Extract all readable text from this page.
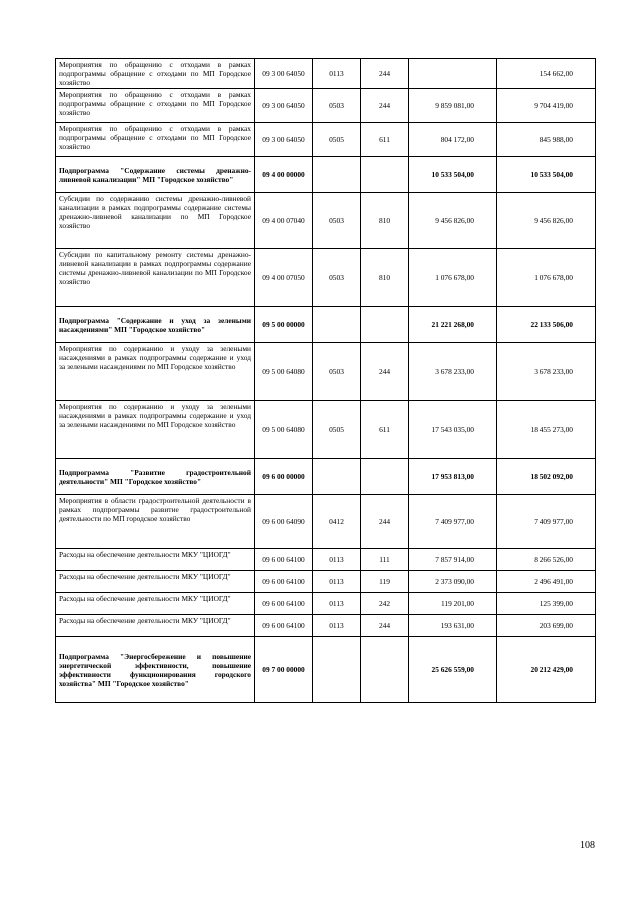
Мероприятия по обращению с отходами в рамках подпрограммы обращение с отходами по МП Городское хозяйство	09 3 00 64050	0113	244		154 662,00
Мероприятия по обращению с отходами в рамках подпрограммы обращение с отходами по МП Городское хозяйство	09 3 00 64050	0503	244	9 859 081,00	9 704 419,00
Мероприятия по обращению с отходами в рамках подпрограммы обращение с отходами по МП Городское хозяйство	09 3 00 64050	0505	611	804 172,00	845 988,00
Подпрограмма "Содержание системы дренажно-ливневой канализации" МП "Городское хозяйство"	09 4 00 00000			10 533 504,00	10 533 504,00
Субсидии по содержанию системы дренажно-ливневой канализации в рамках подпрограммы содержание системы дренажно-ливневой канализации по МП Городское хозяйство	09 4 00 07040	0503	810	9 456 826,00	9 456 826,00
Субсидии по капитальному ремонту системы дренажно-ливневой канализации в рамках подпрограммы содержание системы дренажно-ливневой канализации по МП Городское хозяйство	09 4 00 07050	0503	810	1 076 678,00	1 076 678,00
Подпрограмма "Содержание и уход за зелеными насаждениями" МП "Городское хозяйство"	09 5 00 00000			21 221 268,00	22 133 506,00
Мероприятия по содержанию и уходу за зелеными насаждениями в рамках подпрограммы содержание и уход за зелеными насаждениями по МП Городское хозяйство	09 5 00 64080	0503	244	3 678 233,00	3 678 233,00
Мероприятия по содержанию и уходу за зелеными насаждениями в рамках подпрограммы содержание и уход за зелеными насаждениями по МП Городское хозяйство	09 5 00 64080	0505	611	17 543 035,00	18 455 273,00
Подпрограмма "Развитие градостроительной деятельности" МП "Городское хозяйство"	09 6 00 00000			17 953 813,00	18 502 092,00
Мероприятия в области градостроительной деятельности в рамках подпрограммы развитие градостроительной деятельности по МП городское хозяйство	09 6 00 64090	0412	244	7 409 977,00	7 409 977,00
Расходы на обеспечение деятельности МКУ "ЦИОГД"	09 6 00 64100	0113	111	7 857 914,00	8 266 526,00
Расходы на обеспечение деятельности МКУ "ЦИОГД"	09 6 00 64100	0113	119	2 373 090,00	2 496 491,00
Расходы на обеспечение деятельности МКУ "ЦИОГД"	09 6 00 64100	0113	242	119 201,00	125 399,00
Расходы на обеспечение деятельности МКУ "ЦИОГД"	09 6 00 64100	0113	244	193 631,00	203 699,00
Подпрограмма "Энергосбережение и повышение энергетической эффективности, повышение эффективности функционирования городского хозяйства" МП "Городское хозяйство"	09 7 00 00000			25 626 559,00	20 212 429,00
108
